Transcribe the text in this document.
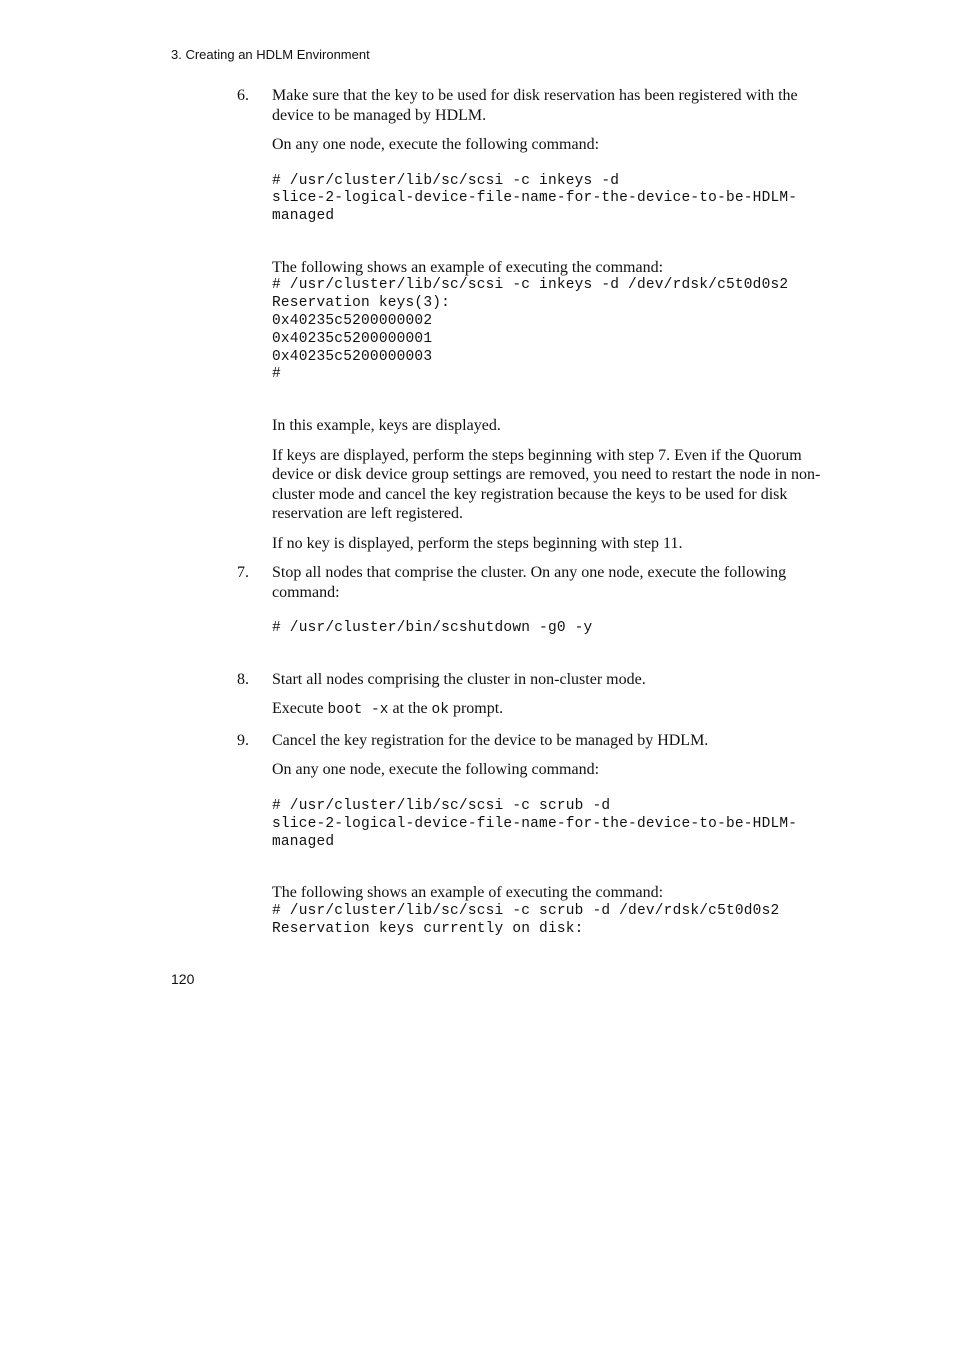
3. Creating an HDLM Environment
6. Make sure that the key to be used for disk reservation has been registered with the device to be managed by HDLM.

On any one node, execute the following command:

# /usr/cluster/lib/sc/scsi -c inkeys -d
slice-2-logical-device-file-name-for-the-device-to-be-HDLM-
managed
The following shows an example of executing the command:
# /usr/cluster/lib/sc/scsi -c inkeys -d /dev/rdsk/c5t0d0s2
Reservation keys(3):
0x40235c5200000002
0x40235c5200000001
0x40235c5200000003
#

In this example, keys are displayed.

If keys are displayed, perform the steps beginning with step 7. Even if the Quorum device or disk device group settings are removed, you need to restart the node in non-cluster mode and cancel the key registration because the keys to be used for disk reservation are left registered.

If no key is displayed, perform the steps beginning with step 11.

7. Stop all nodes that comprise the cluster. On any one node, execute the following command:

# /usr/cluster/bin/scshutdown -g0 -y
8. Start all nodes comprising the cluster in non-cluster mode.

Execute boot -x at the ok prompt.

9. Cancel the key registration for the device to be managed by HDLM.

On any one node, execute the following command:

# /usr/cluster/lib/sc/scsi -c scrub -d
slice-2-logical-device-file-name-for-the-device-to-be-HDLM-
managed
The following shows an example of executing the command:
# /usr/cluster/lib/sc/scsi -c scrub -d /dev/rdsk/c5t0d0s2
Reservation keys currently on disk:
120
